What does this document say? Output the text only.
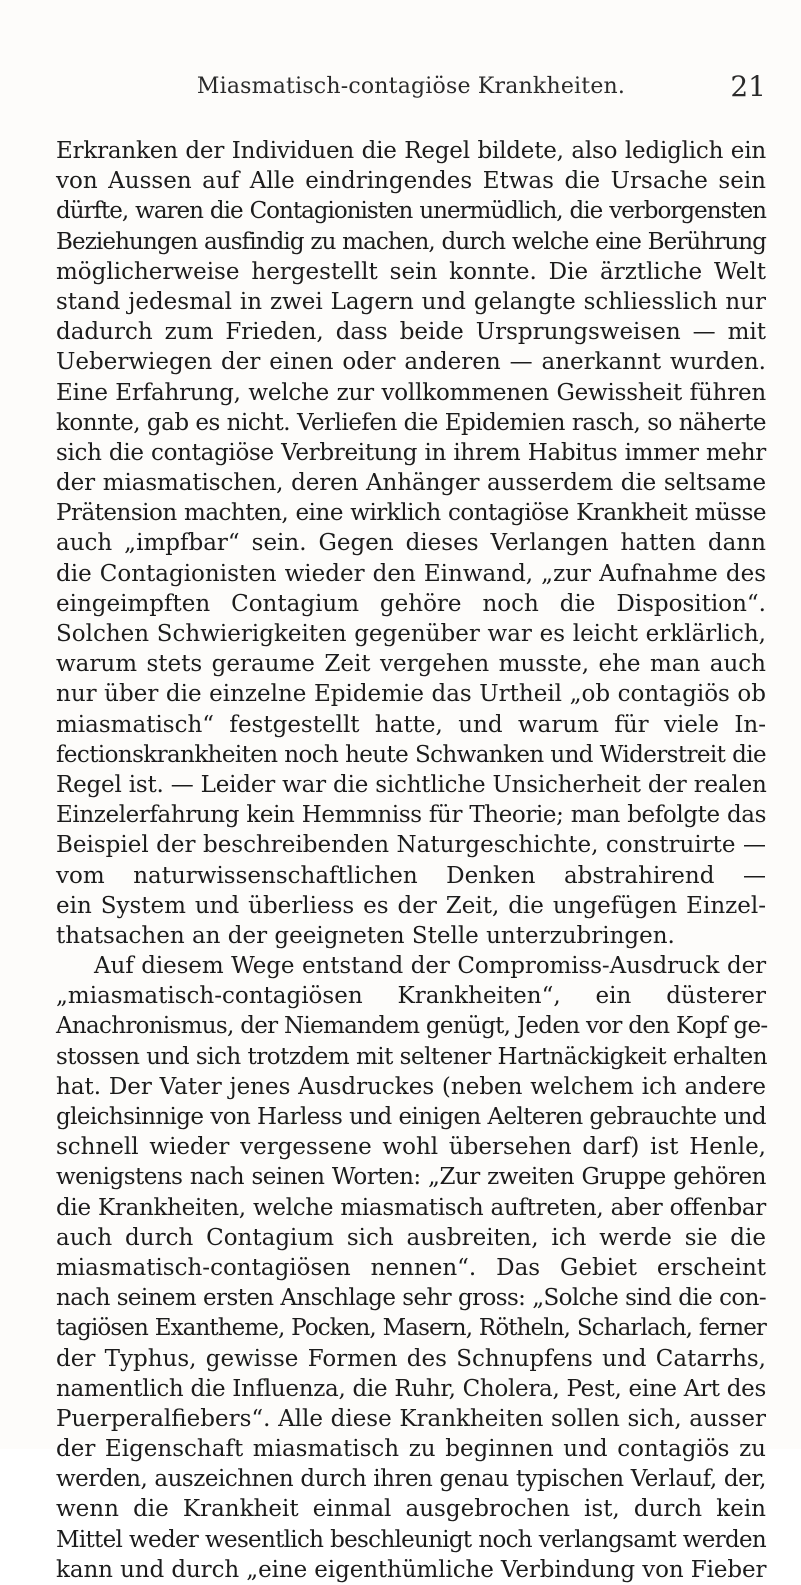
Miasmatisch-contagiöse Krankheiten.	21
Erkranken der Individuen die Regel bildete, also lediglich ein
von Aussen auf Alle eindringendes Etwas die Ursache sein
dürfte, waren die Contagionisten unermüdlich, die verborgensten
Beziehungen ausfindig zu machen, durch welche eine Berührung
möglicherweise hergestellt sein konnte. Die ärztliche Welt
stand jedesmal in zwei Lagern und gelangte schliesslich nur
dadurch zum Frieden, dass beide Ursprungsweisen — mit
Ueberwiegen der einen oder anderen — anerkannt wurden.
Eine Erfahrung, welche zur vollkommenen Gewissheit führen
konnte, gab es nicht. Verliefen die Epidemien rasch, so näherte
sich die contagiöse Verbreitung in ihrem Habitus immer mehr
der miasmatischen, deren Anhänger ausserdem die seltsame
Prätension machten, eine wirklich contagiöse Krankheit müsse
auch „impfbar“ sein. Gegen dieses Verlangen hatten dann
die Contagionisten wieder den Einwand, „zur Aufnahme des
eingeimpften Contagium gehöre noch die Disposition“.
Solchen Schwierigkeiten gegenüber war es leicht erklärlich,
warum stets geraume Zeit vergehen musste, ehe man auch
nur über die einzelne Epidemie das Urtheil „ob contagiös ob
miasmatisch“ festgestellt hatte, und warum für viele In-
fectionskrankheiten noch heute Schwanken und Widerstreit die
Regel ist. — Leider war die sichtliche Unsicherheit der realen
Einzelerfahrung kein Hemmniss für Theorie; man befolgte das
Beispiel der beschreibenden Naturgeschichte, construirte —
vom naturwissenschaftlichen Denken abstrahirend —
ein System und überliess es der Zeit, die ungefügen Einzel-
thatsachen an der geeigneten Stelle unterzubringen.
Auf diesem Wege entstand der Compromiss-Ausdruck der
„miasmatisch-contagiösen Krankheiten“, ein düsterer
Anachronismus, der Niemandem genügt, Jeden vor den Kopf ge-
stossen und sich trotzdem mit seltener Hartnäckigkeit erhalten
hat. Der Vater jenes Ausdruckes (neben welchem ich andere
gleichsinnige von Harless und einigen Aelteren gebrauchte und
schnell wieder vergessene wohl übersehen darf) ist Henle,
wenigstens nach seinen Worten: „Zur zweiten Gruppe gehören
die Krankheiten, welche miasmatisch auftreten, aber offenbar
auch durch Contagium sich ausbreiten, ich werde sie die
miasmatisch-contagiösen nennen“. Das Gebiet erscheint
nach seinem ersten Anschlage sehr gross: „Solche sind die con-
tagiösen Exantheme, Pocken, Masern, Rötheln, Scharlach, ferner
der Typhus, gewisse Formen des Schnupfens und Catarrhs,
namentlich die Influenza, die Ruhr, Cholera, Pest, eine Art des
Puerperalfiebers“. Alle diese Krankheiten sollen sich, ausser
der Eigenschaft miasmatisch zu beginnen und contagiös zu
werden, auszeichnen durch ihren genau typischen Verlauf, der,
wenn die Krankheit einmal ausgebrochen ist, durch kein
Mittel weder wesentlich beschleunigt noch verlangsamt werden
kann und durch „eine eigenthümliche Verbindung von Fieber
